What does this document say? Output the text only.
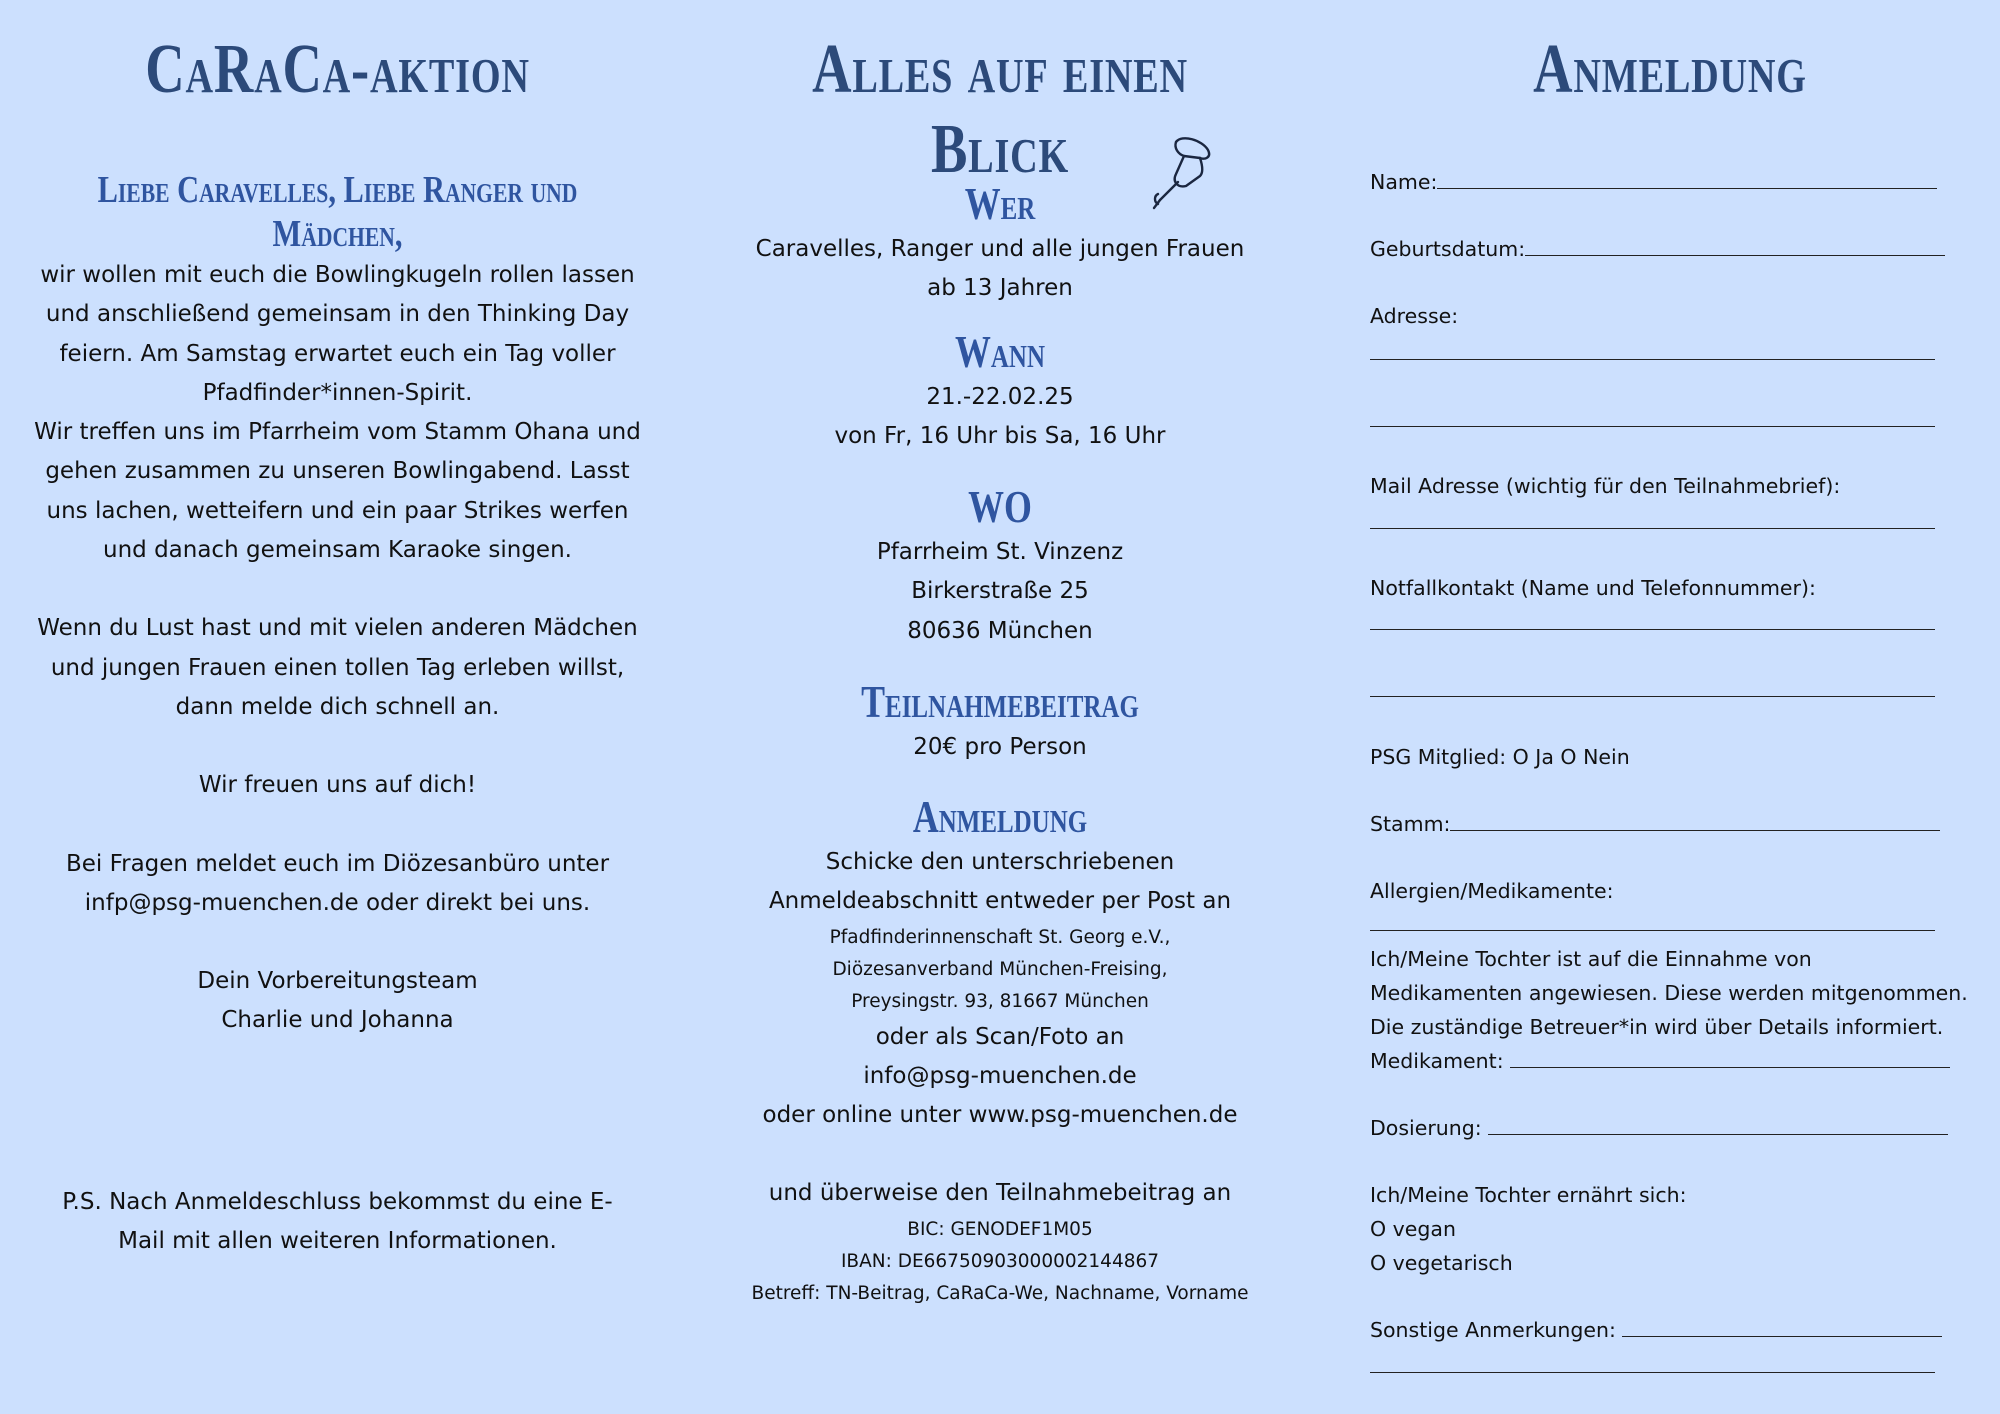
CaRaCa-aktion
Liebe Caravelles, Liebe Ranger und Mädchen,

wir wollen mit euch die Bowlingkugeln rollen lassen und anschließend gemeinsam in den Thinking Day feiern. Am Samstag erwartet euch ein Tag voller Pfadfinder*innen-Spirit.

Wir treffen uns im Pfarrheim vom Stamm Ohana und gehen zusammen zu unseren Bowlingabend. Lasst uns lachen, wetteifern und ein paar Strikes werfen und danach gemeinsam Karaoke singen.

Wenn du Lust hast und mit vielen anderen Mädchen und jungen Frauen einen tollen Tag erleben willst, dann melde dich schnell an.

Wir freuen uns auf dich!

Bei Fragen meldet euch im Diözesanbüro unter infp@psg-muenchen.de oder direkt bei uns.

Dein Vorbereitungsteam

Charlie und Johanna

P.S. Nach Anmeldeschluss bekommst du eine E-Mail mit allen weiteren Informationen.

Alles auf einen Blick
Wer

Caravelles, Ranger und alle jungen Frauen

ab 13 Jahren

Wann

21.-22.02.25

von Fr, 16 Uhr bis Sa, 16 Uhr

WO

Pfarrheim St. Vinzenz

Birkerstraße 25

80636 München

Teilnahmebeitrag

20€ pro Person

Anmeldung

Schicke den unterschriebenen

Anmeldeabschnitt entweder per Post an

Pfadfinderinnenschaft St. Georg e.V.,

Diözesanverband München-Freising,

Preysingstr. 93, 81667 München

oder als Scan/Foto an

info@psg-muenchen.de

oder online unter www.psg-muenchen.de

und überweise den Teilnahmebeitrag an

BIC: GENODEF1M05

IBAN: DE66750903000002144867

Betreff: TN-Beitrag, CaRaCa-We, Nachname, Vorname

Anmeldung
Name:
Geburtsdatum:
Adresse:
Mail Adresse (wichtig für den Teilnahmebrief):
Notfallkontakt (Name und Telefonnummer):
PSG Mitglied: O Ja O Nein
Stamm:
Allergien/Medikamente:
Ich/Meine Tochter ist auf die Einnahme von
Medikamenten angewiesen. Diese werden mitgenommen.
Die zuständige Betreuer*in wird über Details informiert.
Medikament:
Dosierung:
Ich/Meine Tochter ernährt sich:
O vegan
O vegetarisch
Sonstige Anmerkungen:
